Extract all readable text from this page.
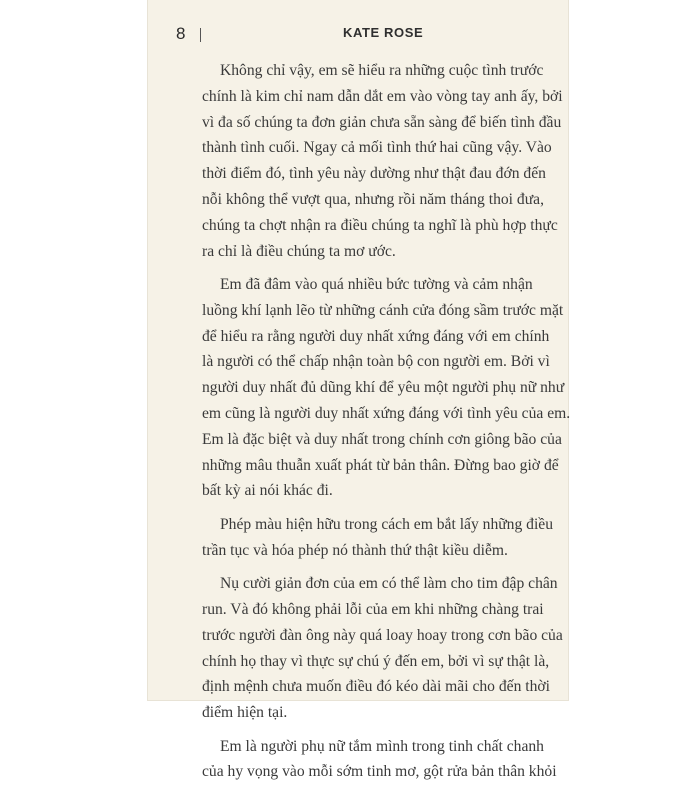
8	KATE ROSE

Không chỉ vậy, em sẽ hiểu ra những cuộc tình trước
chính là kim chỉ nam dẫn dắt em vào vòng tay anh ấy, bởi
vì đa số chúng ta đơn giản chưa sẵn sàng để biến tình đầu
thành tình cuối. Ngay cả mối tình thứ hai cũng vậy. Vào
thời điểm đó, tình yêu này dường như thật đau đớn đến
nỗi không thể vượt qua, nhưng rồi năm tháng thoi đưa,
chúng ta chợt nhận ra điều chúng ta nghĩ là phù hợp thực
ra chỉ là điều chúng ta mơ ước.

Em đã đâm vào quá nhiều bức tường và cảm nhận
luồng khí lạnh lẽo từ những cánh cửa đóng sầm trước mặt
để hiểu ra rằng người duy nhất xứng đáng với em chính
là người có thể chấp nhận toàn bộ con người em. Bởi vì
người duy nhất đủ dũng khí để yêu một người phụ nữ như
em cũng là người duy nhất xứng đáng với tình yêu của em.
Em là đặc biệt và duy nhất trong chính cơn giông bão của
những mâu thuẫn xuất phát từ bản thân. Đừng bao giờ để
bất kỳ ai nói khác đi.

Phép màu hiện hữu trong cách em bắt lấy những điều
trần tục và hóa phép nó thành thứ thật kiều diễm.

Nụ cười giản đơn của em có thể làm cho tim đập chân
run. Và đó không phải lỗi của em khi những chàng trai
trước người đàn ông này quá loay hoay trong cơn bão của
chính họ thay vì thực sự chú ý đến em, bởi vì sự thật là,
định mệnh chưa muốn điều đó kéo dài mãi cho đến thời
điểm hiện tại.

Em là người phụ nữ tắm mình trong tinh chất chanh
của hy vọng vào mỗi sớm tinh mơ, gột rửa bản thân khỏi
